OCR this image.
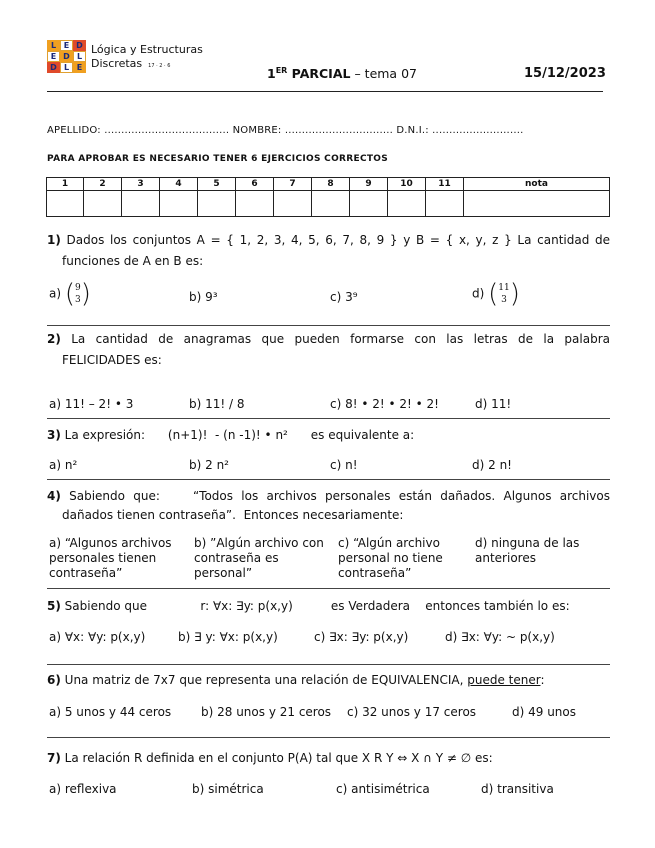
L E D
E D L
D L E
Lógica y Estructuras
Discretas 17 · 2 · 6
1ER PARCIAL – tema 07	15/12/2023
APELLIDO: ..................................... NOMBRE: ................................ D.N.I.: ....................…....
PARA APROBAR ES NECESARIO TENER 6 EJERCICIOS CORRECTOS
1	2	3	4	5	6	7	8	9	10	11	nota

1) Dados los conjuntos A = { 1, 2, 3, 4, 5, 6, 7, 8, 9 } y B = { x, y, z } La cantidad de
funciones de A en B es:
a) ( 9
3 )	b) 9³	c) 3⁹	d) ( 11
3 )
2) La cantidad de anagramas que pueden formarse con las letras de la palabra
FELICIDADES es:
a) 11! – 2! • 3	b) 11! / 8	c) 8! • 2! • 2! • 2!	d) 11!
3) La expresión:      (n+1)!  - (n -1)! • n²      es equivalente a:
a) n²	b) 2 n²	c) n!	d) 2 n!
4) Sabiendo que:    “Todos los archivos personales están dañados. Algunos archivos
dañados tienen contraseña”.  Entonces necesariamente:
a) “Algunos archivos personales tienen contraseña”
b) ”Algún archivo con contraseña es personal”
c) “Algún archivo personal no tiene contraseña”
d) ninguna de las anteriores
5) Sabiendo que              r: ∀x: ∃y: p(x,y)          es Verdadera    entonces también lo es:
a) ∀x: ∀y: p(x,y)	b) ∃ y: ∀x: p(x,y)	c) ∃x: ∃y: p(x,y)	d) ∃x: ∀y: ~ p(x,y)
6) Una matriz de 7x7 que representa una relación de EQUIVALENCIA, puede tener:
a) 5 unos y 44 ceros b) 28 unos y 21 ceros c) 32 unos y 17 ceros	d) 49 unos
7) La relación R definida en el conjunto P(A) tal que X R Y ⇔ X ∩ Y ≠ ∅ es:
a) reflexiva	b) simétrica	c) antisimétrica	d) transitiva
